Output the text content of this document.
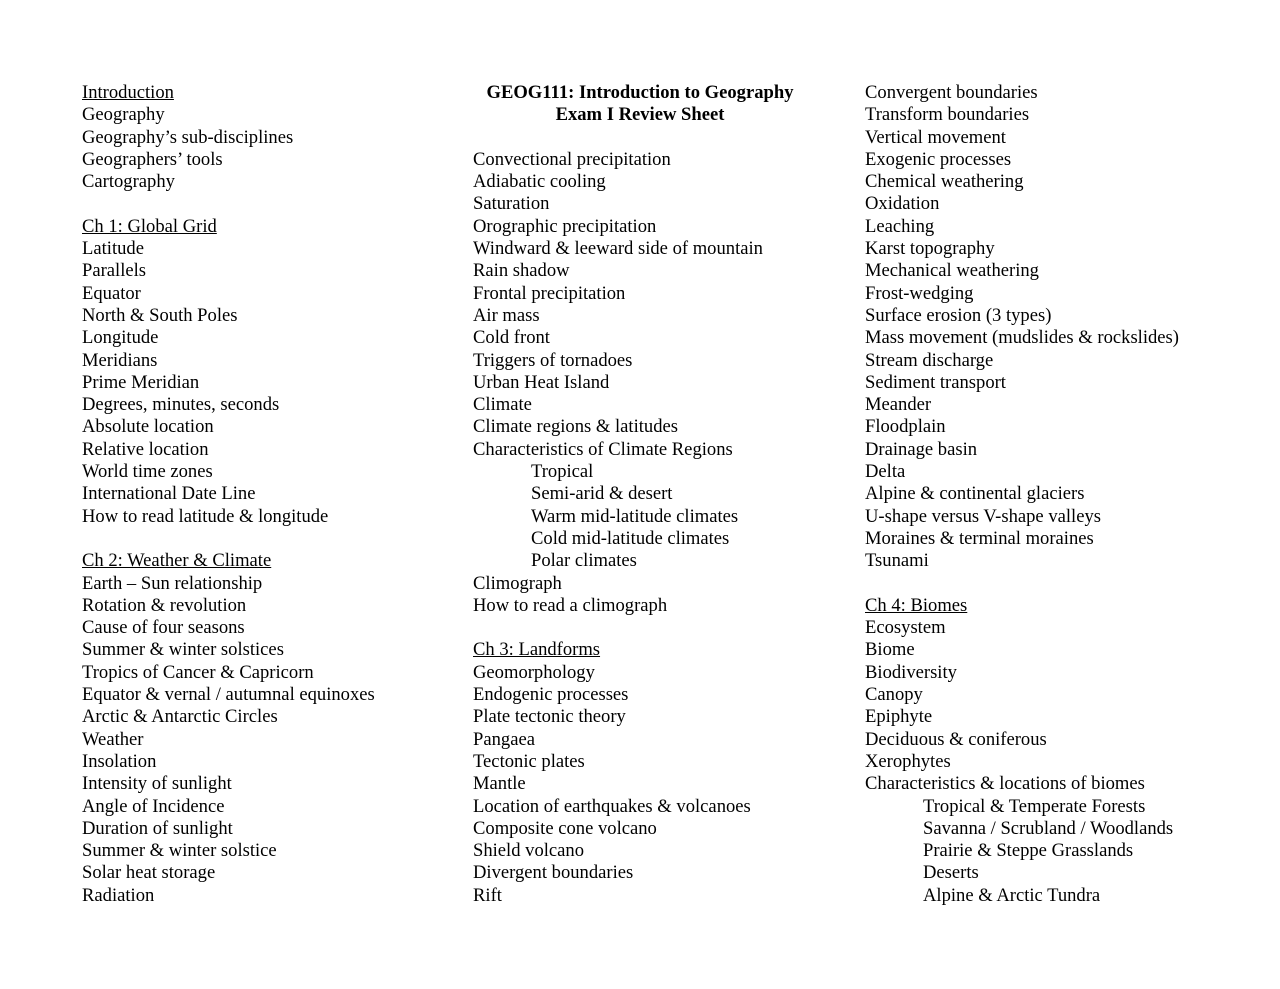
Introduction
Geography
Geography’s sub-disciplines
Geographers’ tools
Cartography
Ch 1: Global Grid
Latitude
Parallels
Equator
North & South Poles
Longitude
Meridians
Prime Meridian
Degrees, minutes, seconds
Absolute location
Relative location
World time zones
International Date Line
How to read latitude & longitude
Ch 2: Weather & Climate
Earth – Sun relationship
Rotation & revolution
Cause of four seasons
Summer & winter solstices
Tropics of Cancer & Capricorn
Equator & vernal / autumnal equinoxes
Arctic & Antarctic Circles
Weather
Insolation
Intensity of sunlight
Angle of Incidence
Duration of sunlight
Summer & winter solstice
Solar heat storage
Radiation
GEOG111: Introduction to Geography
Exam I Review Sheet
Convectional precipitation
Adiabatic cooling
Saturation
Orographic precipitation
Windward & leeward side of mountain
Rain shadow
Frontal precipitation
Air mass
Cold front
Triggers of tornadoes
Urban Heat Island
Climate
Climate regions & latitudes
Characteristics of Climate Regions
Tropical
Semi-arid & desert
Warm mid-latitude climates
Cold mid-latitude climates
Polar climates
Climograph
How to read a climograph
Ch 3: Landforms
Geomorphology
Endogenic processes
Plate tectonic theory
Pangaea
Tectonic plates
Mantle
Location of earthquakes & volcanoes
Composite cone volcano
Shield volcano
Divergent boundaries
Rift
Convergent boundaries
Transform boundaries
Vertical movement
Exogenic processes
Chemical weathering
Oxidation
Leaching
Karst topography
Mechanical weathering
Frost-wedging
Surface erosion (3 types)
Mass movement (mudslides & rockslides)
Stream discharge
Sediment transport
Meander
Floodplain
Drainage basin
Delta
Alpine & continental glaciers
U-shape versus V-shape valleys
Moraines & terminal moraines
Tsunami
Ch 4: Biomes
Ecosystem
Biome
Biodiversity
Canopy
Epiphyte
Deciduous & coniferous
Xerophytes
Characteristics & locations of biomes
Tropical & Temperate Forests
Savanna / Scrubland / Woodlands
Prairie & Steppe Grasslands
Deserts
Alpine & Arctic Tundra
